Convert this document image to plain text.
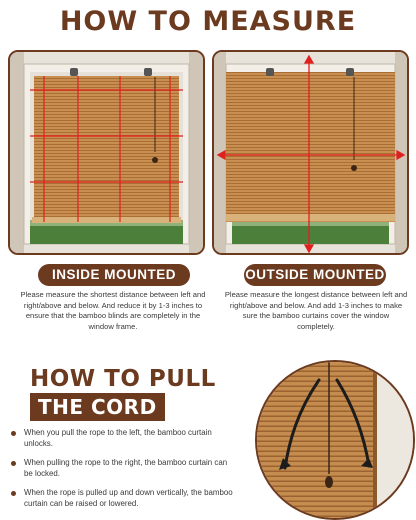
HOW TO MEASURE
INSIDE MOUNTED	OUTSIDE MOUNTED
Please measure the shortest distance between left and right/above and below. And reduce it by 1-3 inches to ensure that the bamboo blinds are completely in the window frame.
Please measure the longest distance between left and right/above and below. And add 1-3 inches to make sure the bamboo curtains cover the window completely.
HOW TO PULL
THE CORD
When you pull the rope to the left, the bamboo curtain unlocks.
When pulling the rope to the right, the bamboo curtain can be locked.
When the rope is pulled up and down vertically, the bamboo curtain can be raised or lowered.
